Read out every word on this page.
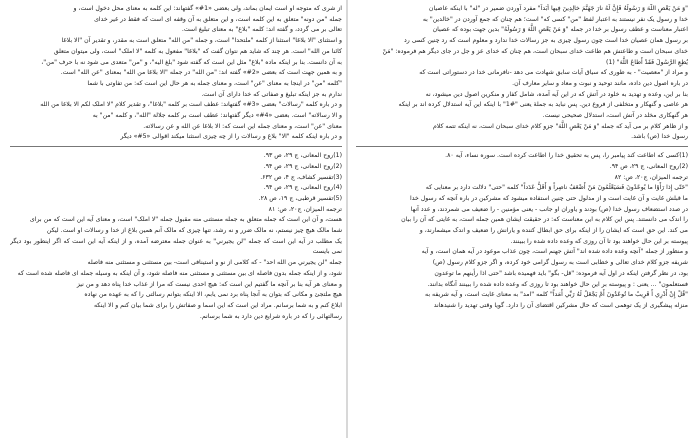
از شری که متوجه او است ایمان بماند، ولی بعضی «1#» گفتهاند: این کلمه به معنای محل دخول است، و

جمله "من دونه" متعلق به این کلمه است، و این متعلق به آن وقفه ای است که فقط در غیر خدای

تعالی بر می گردد، و گفته اند: کلمه "بلاغ" به معنای تبلیغ است.

و استثنای "الا بلاغا" استثنا از کلمه "ملتحدا" است، و جمله "من الله" متعلق است به مقدر، و تقدیر آن "الا بلاغا

کائنا من الله" است. هر چند که شاید هم نتوان گفت که "بلاغا" مفعول به کلمه "لا املک" است، ولی میتوان متعلق

به آن دانست. بنا بر اینکه ماده "بلاغ" مثل این است که گفته شود "بلغ اليه"، و "من" متعدی می شود نه با حرف "من"،

و به همین جهت است که بعضی «2#» گفته اند: "من الله" در جمله "الا بلاغا من الله" بمعنای "عن الله" است.

"كلمه "من" در اینجا به معنای "عن" است، و معنای جمله به هر حال این است که: من تفاوتی با شما

ندارم به جز اینکه تبلیغ و صفاتی که خدا دارای آن است.

و در باره کلمه "رسالات" بعضی «3#» گفتهاند: عطف است بر کلمه "بلاغا"، و تقدیر کلام "لا املک لكم الا بلاغا من الله

و الا رسالاته" است. بعضی «4#» دیگر گفتهاند: عطف است بر کلمه جلالة "الله"، و کلمه "من" به

معنای "عن" است، و معنای جمله این است که: الا بلاغا عن الله و عن رسالاته.

و در باره اینکه کلمه "الا" بلاغ و رسالات را از چه چیزی استثنا میکند اقوالی «5#» دیگر

(1)روح المعانی، ج ۲۹، ص ۹۳.
(2)روح المعانی، ج ۲۹، ص ۹۴.
(3)تفسیر کشاف، ج ۴، ص ۶۳۲.
(4)روح المعانی، ج ۲۹، ص ۹۴.
(5)تفسیر قرطبی، ج ۱۹، ص ۲۸.
ترجمه المیزان، ج۲۰، ص: ۸۱

هست، و آن این است که جمله متعلق به جمله مستثنی منه مقبول جمله "لا املک" است، و معنای آیه این است که من برای

شما مالک هیچ چیز نیستم، نه مالک ضرر و نه رشد، تنها چیزی که مالک آنم همین بلاغ از خدا و رسالات او است. لیکن

یک مطلب در آیه این است که جمله "لن يجيرني" به عنوان جمله معترضه آمده، و از اینکه آیه این است که اگر اینطور بود دیگر نمی بایست

جمله "لن يجيرني من الله احد" - که کلامی از نو و استینافی است- بین مستثنی و مستثنی منه فاصله

شود، و از اینکه جمله بدون فاصله ای بین مستثنی و مستثنی منه فاصله شود، و آن اینکه به وسیله جمله ای فاصله شده است که

و معنای هر آیه بنا بر آنچه ما گفتیم این است که: هیچ احدی نیست که مرا از عذاب خدا پناه دهد و من نیز

هیچ ملتجئ و مکانی که بتوان به آنجا پناه برد نمی یابم، الا اینکه بتوانم رسالتی را که به عهده من نهاده

ابلاغ کنم و به شما برسانم. مراد این است که این اسما و صفاتش را برای شما بیان کنم و الا اینکه

رسالتهائی را که در باره شرایع دین دارد به شما برسانم.

"وَ مَنْ يَعْصِ اللَّهَ وَ رَسُولَهُ فَإِنَّ لَهُ نارَ جَهَنَّمَ خالِدِينَ فِيها أَبَداً" مفرد آوردن ضمیر در "له" با اینکه عاصیان

خدا و رسول یک نفر نیستند به اعتبار لفظ "من" کسی که" است؛ هم چنان که جمع آوردن در "خالدین" به

اعتبار معناست و عطف رسول بر خدا در جمله "وَ مَنْ يَعْصِ اللَّهَ وَ رَسُولَهُ" بدین جهت بوده که عصیان

بر رسول همان عصیان خدا است چون رسول چیزی به جز رسالات خدا ندارد و معلوم است که رد چنین کسی رد

خدای سبحان است و طاعتش هم طاعت خدای سبحان است، هم چنان که خدای عز و جل در جای دیگر هم فرموده: "مَنْ

يُطِعِ الرَّسُولَ فَقَدْ أَطاعَ اللَّهَ" (1)

و مراد از "معصيت" - به طوری که سیاق آیات سابق شهادت می دهد -نافرمانی خدا در دستوراتی است که

در باره اصول دین داده، مانند توحید و نبوت و معاد و سایر معارف آن.

بنا بر این، وعده و تهدید به خلود در آتش که در این آیه آمده، شامل کفار و منکرین اصول دین میشود، نه

هر عاصی و گنهکار و متخلفی از فروع دین. پس نباید به جملهٔ یعنی "#1" با اینکه این آیه استدلال کرده اند بر اینکه

هر گنهکاری مخلد در آتش است، استدلال صحیحی نیست.

و از ظاهر کلام بر می آید که جمله "وَ مَنْ يَعْصِ اللَّهَ" جزو کلام خدای سبحان است، نه اینکه تتمه کلام

رسول خدا (ص) باشد.

(1)کسی که اطاعت کند پیامبر را، پس به تحقیق خدا را اطاعت کرده است. سوره نساء، آیه ۸۰.
(2)روح المعانی، ج ۲۹، ص ۹۴.
ترجمه المیزان، ج۲۰، ص: ۸۲

"حَتّى إِذا رَأَوْا ما يُوعَدُونَ فَسَيَعْلَمُونَ مَنْ أَضْعَفُ ناصِراً وَ أَقَلُّ عَدَداً" کلمه "حتی" دلالت دارد بر معنایی که

ما قبلش غایت و آن غایت است و از مدلول حتی چنین استفاده میشود که مشرکین در باره آنچه که رسول خدا

در صدد استضعاف رسول خدا (ص) بودند و یاوران او جانب - یعنی مؤمنین - را ضعیف می شمردند، و عدد آنها

را اندک می دانستند. پس این کلام به این معناست که: در حقیقت ایشان همین جمله است، به غایتی که آن را بیان

می کند. این حق است که ایشان را از اینکه برای حق ابطال کننده و یارانش را ضعیف و اندک میشمارند، و

پیوسته بر این حال خواهند بود تا آن روزی که وعده داده شده را ببینند.

و منظور از جمله "آنچه وعده داده شده اند" آتش جهنم است، چون عذاب موعود در آیه همان است، و آیه

شریفه جزو کلام خدای تعالی و خطابی است به رسول گرامی خود کرده، و اگر جزو کلام رسول (ص)

بود، در نظر گرفتن اینکه در اول آیه فرموده: "قل- بگو" باید فهمیده باشد "حتی اذا رأینهم ما توعدون

فستعلمون" ... یعنی : و پیوسته بر این حال خواهند بود تا روزی که وعده داده شده را ببینند آنگاه بدانند.

"قُلْ إِنْ أَدْرِي أَ قَرِيبٌ ما تُوعَدُونَ أَمْ يَجْعَلُ لَهُ رَبِّي أَمَداً" کلمه "امد" به معنای غایت است، و آیه شریفه به

منزله پیشگیری از یک توهمی است که حال مشرکین اقتضای آن را دارد. گویا وقتی تهدید را شنیدهاند
